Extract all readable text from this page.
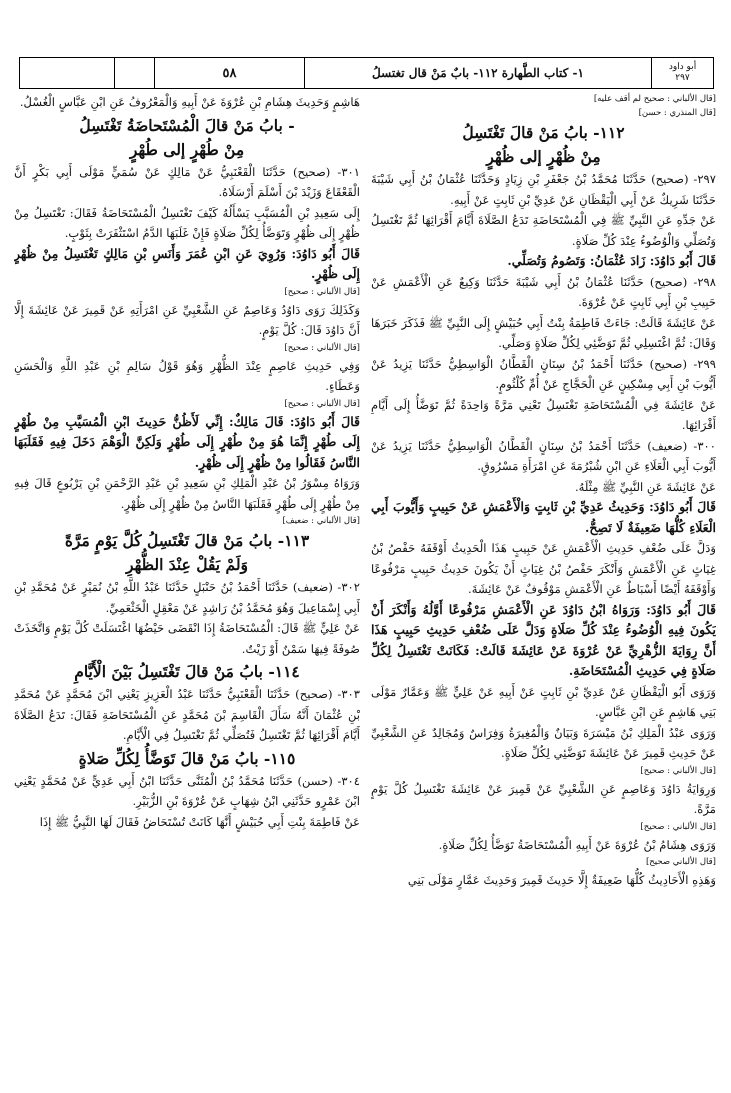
أبو داود
٢٩٧
١- كتاب الطَّهارة ١١٢- بابٌ مَنْ قال تغتسلُ
٥٨
[قال الألباني : صحيح لم أقف عليه]
[قال المنذري : حسن]
١١٢- بابُ مَنْ قالَ تَغْتَسِلُ
مِنْ ظُهْرٍ إلى ظُهْرٍ

٢٩٧- (صحيح) حَدَّثَنَا مُحَمَّدُ بْنُ جَعْفَرِ بْنِ زِيَادٍ وَحَدَّثَنَا عُثْمَانُ بْنُ أَبِي شَيْبَةَ حَدَّثَنَا شَرِيكٌ عَنْ أَبِي الْيَقْظَانِ عَنْ عَدِيِّ بْنِ ثَابِتٍ عَنْ أَبِيهِ.

عَنْ جَدِّهِ عَنِ النَّبِيِّ ﷺ فِي الْمُسْتَحَاضَةِ تَدَعُ الصَّلَاةَ أَيَّامَ أَقْرَائِهَا ثُمَّ تَغْتَسِلُ وَتُصَلِّي وَالْوُضُوءُ عِنْدَ كُلِّ صَلَاةٍ.

قَالَ أَبُو دَاوُدَ: زَادَ عُثْمَانُ: وَتَصُومُ وَتُصَلِّي.

٢٩٨- (صحيح) حَدَّثَنَا عُثْمَانُ بْنُ أَبِي شَيْبَةَ حَدَّثَنَا وَكِيعٌ عَنِ الْأَعْمَشِ عَنْ حَبِيبِ بْنِ أَبِي ثَابِتٍ عَنْ عُرْوَةَ.

عَنْ عَائِشَةَ قَالَتْ: جَاءَتْ فَاطِمَةُ بِنْتُ أَبِي حُبَيْشٍ إِلَى النَّبِيِّ ﷺ فَذَكَرَ خَبَرَهَا وَقَالَ: ثُمَّ اغْتَسِلِي ثُمَّ تَوَضَّئِي لِكُلِّ صَلَاةٍ وَصَلِّي.

٢٩٩- (صحيح) حَدَّثَنَا أَحْمَدُ بْنُ سِنَانٍ الْقَطَّانُ الْوَاسِطِيُّ حَدَّثَنَا يَزِيدُ عَنْ أَيُّوبَ بْنِ أَبِي مِسْكِينٍ عَنِ الْحَجَّاجِ عَنْ أُمِّ كُلْثُومٍ.

عَنْ عَائِشَةَ فِي الْمُسْتَحَاضَةِ تَغْتَسِلُ تَعْنِي مَرَّةً وَاحِدَةً ثُمَّ تَوَضَّأُ إِلَى أَيَّامِ أَقْرَائِهَا.

٣٠٠- (ضعيف) حَدَّثَنَا أَحْمَدُ بْنُ سِنَانٍ الْقَطَّانُ الْوَاسِطِيُّ حَدَّثَنَا يَزِيدُ عَنْ أَيُّوبَ أَبِي الْعَلَاءِ عَنِ ابْنِ شُبْرُمَةَ عَنِ امْرَأَةِ مَسْرُوقٍ.

عَنْ عَائِشَةَ عَنِ النَّبِيِّ ﷺ مِثْلَهُ.

قَالَ أَبُو دَاوُدَ: وَحَدِيثُ عَدِيِّ بْنِ ثَابِتٍ وَالْأَعْمَشِ عَنْ حَبِيبٍ وَأَيُّوبَ أَبِي الْعَلَاءِ كُلُّهَا ضَعِيفَةٌ لَا تَصِحُّ.

وَدَلَّ عَلَى ضُعْفِ حَدِيثِ الْأَعْمَشِ عَنْ حَبِيبٍ هَذَا الْحَدِيثُ أَوْقَفَهُ حَفْصُ بْنُ غِيَاثٍ عَنِ الْأَعْمَشِ وَأَنْكَرَ حَفْصُ بْنُ غِيَاثٍ أَنْ يَكُونَ حَدِيثُ حَبِيبٍ مَرْفُوعًا وَأَوْقَفَهُ أَيْضًا أَسْبَاطٌ عَنِ الْأَعْمَشِ مَوْقُوفٌ عَنْ عَائِشَةَ.

قَالَ أَبُو دَاوُدَ: وَرَوَاهُ ابْنُ دَاوُدَ عَنِ الْأَعْمَشِ مَرْفُوعًا أَوَّلُهُ وَأَنْكَرَ أَنْ يَكُونَ فِيهِ الْوُضُوءُ عِنْدَ كُلِّ صَلَاةٍ وَدَلَّ عَلَى ضُعْفِ حَدِيثِ حَبِيبٍ هَذَا أَنَّ رِوَايَةَ الزُّهْرِيِّ عَنْ عُرْوَةَ عَنْ عَائِشَةَ قَالَتْ: فَكَانَتْ تَغْتَسِلُ لِكُلِّ صَلَاةٍ فِي حَدِيثِ الْمُسْتَحَاضَةِ.

وَرَوَى أَبُو الْيَقْظَانِ عَنْ عَدِيِّ بْنِ ثَابِتٍ عَنْ أَبِيهِ عَنْ عَلِيٍّ ﷺ وَعَمَّارٌ مَوْلَى بَنِي هَاشِمٍ عَنِ ابْنِ عَبَّاسٍ.

وَرَوَى عَبْدُ الْمَلِكِ بْنُ مَيْسَرَةَ وَبَيَانٌ وَالْمُغِيرَةُ وَفِرَاسٌ وَمُجَالِدٌ عَنِ الشَّعْبِيِّ عَنْ حَدِيثِ قَمِيرَ عَنْ عَائِشَةَ تَوَضَّئِي لِكُلِّ صَلَاةٍ.

[قال الألباني : صحيح]

وَرِوَايَةُ دَاوُدَ وَعَاصِمٍ عَنِ الشَّعْبِيِّ عَنْ قَمِيرَ عَنْ عَائِشَةَ تَغْتَسِلُ كُلَّ يَوْمٍ مَرَّةً.

[قال الألباني : صحيح]

وَرَوَى هِشَامُ بْنُ عُرْوَةَ عَنْ أَبِيهِ الْمُسْتَحَاضَةُ تَوَضَّأُ لِكُلِّ صَلَاةٍ.

[قال الألباني صحيح]

وَهَذِهِ الْأَحَادِيثُ كُلُّهَا ضَعِيفَةٌ إِلَّا حَدِيثَ قَمِيرَ وَحَدِيثَ عَمَّارٍ مَوْلَى بَنِي

هَاشِمٍ وَحَدِيثَ هِشَامِ بْنِ عُرْوَةَ عَنْ أَبِيهِ وَالْمَعْرُوفُ عَنِ ابْنِ عَبَّاسٍ الْغُسْلُ.

- بابُ مَنْ قالَ الْمُسْتَحاضَةُ تَغْتَسِلُ
مِنْ طُهْرٍ إلى طُهْرٍ

٣٠١- (صحيح) حَدَّثَنَا الْقَعْنَبِيُّ عَنْ مَالِكٍ عَنْ سُمَيٍّ مَوْلَى أَبِي بَكْرٍ أَنَّ الْقَعْقَاعَ وَزَيْدَ بْنَ أَسْلَمَ أَرْسَلَاهُ.

إِلَى سَعِيدِ بْنِ الْمُسَيَّبِ يَسْأَلُهُ كَيْفَ تَغْتَسِلُ الْمُسْتَحَاضَةُ فَقَالَ: تَغْتَسِلُ مِنْ ظُهْرٍ إِلَى ظُهْرٍ وَتَوَضَّأُ لِكُلِّ صَلَاةٍ فَإِنْ غَلَبَهَا الدَّمُ اسْتَثْفَرَتْ بِثَوْبٍ.

قَالَ أَبُو دَاوُدَ: وَرُوِيَ عَنِ ابْنِ عُمَرَ وَأَنَسِ بْنِ مَالِكٍ تَغْتَسِلُ مِنْ ظُهْرٍ إِلَى ظُهْرٍ.

[قال الألباني : صحيح]

وَكَذَلِكَ رَوَى دَاوُدُ وَعَاصِمٌ عَنِ الشَّعْبِيِّ عَنِ امْرَأَتِهِ عَنْ قَمِيرَ عَنْ عَائِشَةَ إِلَّا أَنَّ دَاوُدَ قَالَ: كُلَّ يَوْمٍ.

[قال الألباني : صحيح]

وَفِي حَدِيثِ عَاصِمٍ عِنْدَ الظُّهْرِ وَهُوَ قَوْلُ سَالِمِ بْنِ عَبْدِ اللَّهِ وَالْحَسَنِ وَعَطَاءٍ.

[قال الألباني : صحيح]

قَالَ أَبُو دَاوُدَ: قَالَ مَالِكٌ: إِنِّي لَأَظُنُّ حَدِيثَ ابْنِ الْمُسَيَّبِ مِنْ طُهْرٍ إِلَى طُهْرٍ إِنَّمَا هُوَ مِنْ طُهْرٍ إِلَى طُهْرٍ وَلَكِنَّ الْوَهْمَ دَخَلَ فِيهِ فَقَلَبَهَا النَّاسُ فَقَالُوا مِنْ ظُهْرٍ إِلَى ظُهْرٍ.

وَرَوَاهُ مِسْوَرُ بْنُ عَبْدِ الْمَلِكِ بْنِ سَعِيدِ بْنِ عَبْدِ الرَّحْمَنِ بْنِ يَرْبُوعٍ قَالَ فِيهِ مِنْ طُهْرٍ إِلَى طُهْرٍ فَقَلَبَهَا النَّاسُ مِنْ ظُهْرٍ إِلَى ظُهْرٍ.

[قال الألباني : ضعيف]
١١٣- بابُ مَنْ قالَ تَغْتَسِلُ كُلَّ يَوْمٍ مَرَّةً
وَلَمْ يَقُلْ عِنْدَ الظُّهْرِ

٣٠٢- (ضعيف) حَدَّثَنَا أَحْمَدُ بْنُ حَنْبَلٍ حَدَّثَنَا عَبْدُ اللَّهِ بْنُ نُمَيْرٍ عَنْ مُحَمَّدِ بْنِ أَبِي إِسْمَاعِيلَ وَهُوَ مُحَمَّدُ بْنُ رَاشِدٍ عَنْ مَعْقِلٍ الْخَثْعَمِيِّ.

عَنْ عَلِيٍّ ﷺ قَالَ: الْمُسْتَحَاضَةُ إِذَا انْقَضَى حَيْضُهَا اغْتَسَلَتْ كُلَّ يَوْمٍ وَاتَّخَذَتْ صُوفَةً فِيهَا سَمْنٌ أَوْ زَيْتٌ.

١١٤- بابُ مَنْ قالَ تَغْتَسِلُ بَيْنَ الْأَيَّامِ

٣٠٣- (صحيح) حَدَّثَنَا الْقَعْنَبِيُّ حَدَّثَنَا عَبْدُ الْعَزِيزِ يَعْنِي ابْنَ مُحَمَّدٍ عَنْ مُحَمَّدِ بْنِ عُثْمَانَ أَنَّهُ سَأَلَ الْقَاسِمَ بْنَ مُحَمَّدٍ عَنِ الْمُسْتَحَاضَةِ فَقَالَ: تَدَعُ الصَّلَاةَ أَيَّامَ أَقْرَائِهَا ثُمَّ تَغْتَسِلُ فَتُصَلِّي ثُمَّ تَغْتَسِلُ فِي الْأَيَّامِ.

١١٥- بابُ مَنْ قالَ تَوَضَّأُ لِكُلِّ صَلاةٍ

٣٠٤- (حسن) حَدَّثَنَا مُحَمَّدُ بْنُ الْمُثَنَّى حَدَّثَنَا ابْنُ أَبِي عَدِيٍّ عَنْ مُحَمَّدٍ يَعْنِي ابْنَ عَمْرٍو حَدَّثَنِي ابْنُ شِهَابٍ عَنْ عُرْوَةَ بْنِ الزُّبَيْرِ.

عَنْ فَاطِمَةَ بِنْتِ أَبِي حُبَيْشٍ أَنَّهَا كَانَتْ تُسْتَحَاضُ فَقَالَ لَهَا النَّبِيُّ ﷺ إِذَا
